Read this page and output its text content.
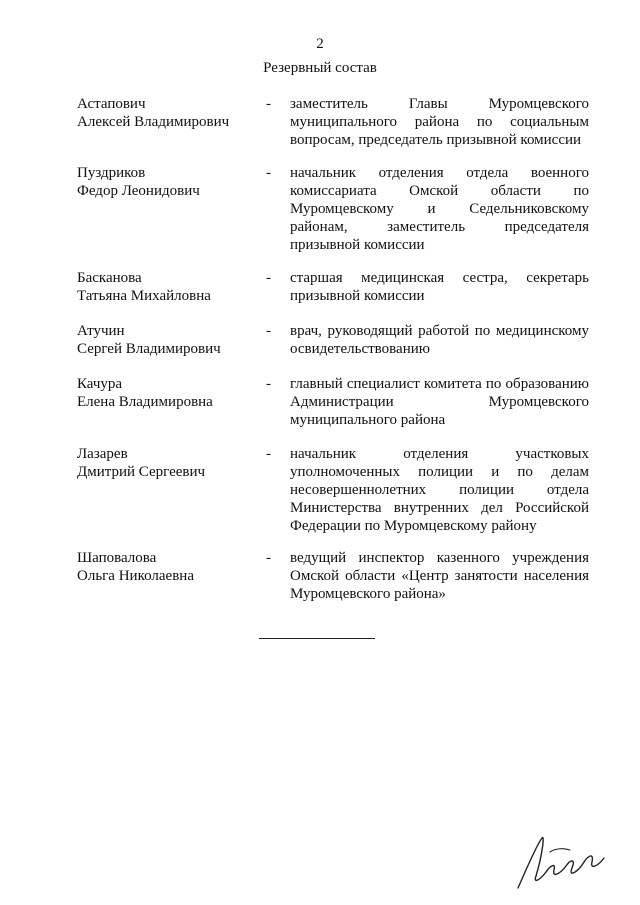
2
Резервный состав
Астапович
Алексей Владимирович
- заместитель Главы Муромцевского
муниципального района по социальным
вопросам, председатель призывной комиссии
Пуздриков
Федор Леонидович
- начальник отделения отдела военного
комиссариата Омской области по
Муромцевскому и Седельниковскому
районам, заместитель председателя
призывной комиссии
Басканова
Татьяна Михайловна
- старшая медицинская сестра, секретарь
призывной комиссии
Атучин
Сергей Владимирович
- врач, руководящий работой по медицинскому
освидетельствованию
Качура
Елена Владимировна
- главный специалист комитета по образованию
Администрации Муромцевского
муниципального района
Лазарев
Дмитрий Сергеевич
- начальник отделения участковых
уполномоченных полиции и по делам
несовершеннолетних полиции отдела
Министерства внутренних дел Российской
Федерации по Муромцевскому району
Шаповалова
Ольга Николаевна
- ведущий инспектор казенного учреждения
Омской области «Центр занятости населения
Муромцевского района»
